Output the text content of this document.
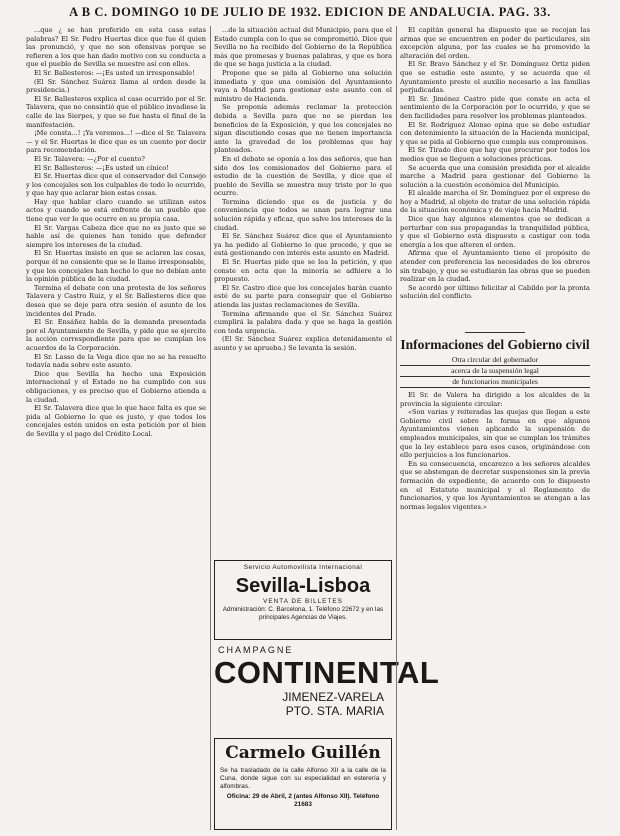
A B C. DOMINGO 10 DE JULIO DE 1932. EDICION DE ANDALUCIA. PAG. 33.

...que ¿ se han proferido en esta casa estas palabras? El Sr. Pedro Huertas dice que fue él quien las pronunció, y que no son ofensivas porque se refieren a los que han dado motivo con su conducta a que el pueblo de Sevilla se muestre así con ellos.

El Sr. Ballesteros: —¡Es usted un irresponsable!

(El Sr. Sánchez Suárez llama al orden desde la presidencia.)

El Sr. Ballesteros explica el caso ocurrido por el Sr. Talavera, que no consintió que el público invadiese la calle de las Sierpes, y que se fue hasta el final de la manifestación.

¡Me consta...! ¡Ya veremos...! —dice el Sr. Talavera— y el Sr. Huertas le dice que es un cuento por decir para recomendación.

El Sr. Talavera: —¿Por el cuento?

El Sr. Ballesteros: —¡Es usted un cínico!

El Sr. Huertas dice que el conservador del Consejo y los concejales son los culpables de todo lo ocurrido, y que hay que aclarar bien estas cosas.

Hay que hablar claro cuando se utilizan estos actos y cuando se está enfrente de un pueblo que tiene que ver lo que ocurre en su propia casa.

El Sr. Vargas Cabeza dice que no es justo que se hable así de quienes han tenido que defender siempre los intereses de la ciudad.

El Sr. Huertas insiste en que se aclaren las cosas, porque él no consiente que se le llame irresponsable, y que los concejales han hecho lo que no debían ante la opinión pública de la ciudad.

Termina el debate con una protesta de los señores Talavera y Castro Ruiz, y el Sr. Ballesteros dice que desea que se deje para otra sesión el asunto de los incidentes del Prado.

El Sr. Ensáñez habla de la demanda presentada por el Ayuntamiento de Sevilla, y pide que se ejercite la acción correspondiente para que se cumplan los acuerdos de la Corporación.

El Sr. Lasso de la Vega dice que no se ha resuelto todavía nada sobre este asunto.

Dice que Sevilla ha hecho una Exposición internacional y el Estado no ha cumplido con sus obligaciones, y es preciso que el Gobierno atienda a la ciudad.

El Sr. Talavera dice que lo que hace falta es que se pida al Gobierno lo que es justo, y que todos los concejales estén unidos en esta petición por el bien de Sevilla y el pago del Crédito Local.

...de la situación actual del Municipio, para que el Estado cumpla con lo que se comprometió. Dice que Sevilla no ha recibido del Gobierno de la República más que promesas y buenas palabras, y que es hora de que se haga justicia a la ciudad.

Propone que se pida al Gobierno una solución inmediata y que una comisión del Ayuntamiento vaya a Madrid para gestionar este asunto con el ministro de Hacienda.

Se proponía además reclamar la protección debida a Sevilla para que no se pierdan los beneficios de la Exposición, y que los concejales no sigan discutiendo cosas que no tienen importancia ante la gravedad de los problemas que hay planteados.

En el debate se oponía a los dos señores, que han sido dos los comisionados del Gobierno para el estudio de la cuestión de Sevilla, y dice que el pueblo de Sevilla se muestra muy triste por lo que ocurre.

Termina diciendo que es de justicia y de conveniencia que todos se unan para lograr una solución rápida y eficaz, que salve los intereses de la ciudad.

El Sr. Sánchez Suárez dice que el Ayuntamiento ya ha pedido al Gobierno lo que procede, y que se está gestionando con interés este asunto en Madrid.

El Sr. Huertas pide que se lea la petición, y que conste en acta que la minoría se adhiere a lo propuesto.

El Sr. Castro dice que los concejales harán cuanto esté de su parte para conseguir que el Gobierno atienda las justas reclamaciones de Sevilla.

Termina afirmando que el Sr. Sánchez Suárez cumplirá la palabra dada y que se haga la gestión con toda urgencia.

(El Sr. Sánchez Suárez explica detenidamente el asunto y se aprueba.) Se levanta la sesión.

Servicio Automovilista Internacional
Sevilla-Lisboa
VENTA DE BILLETES
Administración: C. Barcelona, 1. Teléfono 22672 y en las principales Agencias de Viajes.
CHAMPAGNE
CONTINENTAL
JIMENEZ-VARELA
PTO. STA. MARIA
Carmelo Guillén
Se ha trasladado de la calle Alfonso XII a la calle de la Cuna, donde sigue con su especialidad en esterería y alfombras.
Oficina: 29 de Abril, 2 (antes Alfonso XII). Teléfono 21683

El capitán general ha dispuesto que se recojan las armas que se encuentren en poder de particulares, sin excepción alguna, por las cuales se ha promovido la alteración del orden.

El Sr. Bravo Sánchez y el Sr. Domínguez Ortiz piden que se estudie este asunto, y se acuerda que el Ayuntamiento preste el auxilio necesario a las familias perjudicadas.

El Sr. Jiménez Castro pide que conste en acta el sentimiento de la Corporación por lo ocurrido, y que se den facilidades para resolver los problemas planteados.

El Sr. Rodríguez Alonso opina que se debe estudiar con detenimiento la situación de la Hacienda municipal, y que se pida al Gobierno que cumpla sus compromisos.

El Sr. Tirado dice que hay que procurar por todos los medios que se lleguen a soluciones prácticas.

Se acuerda que una comisión presidida por el alcalde marche a Madrid para gestionar del Gobierno la solución a la cuestión económica del Municipio.

El alcalde marcha el Sr. Domínguez por el expreso de hoy a Madrid, al objeto de tratar de una solución rápida de la situación económica y de viaje hacia Madrid.

Dice que hay algunos elementos que se dedican a perturbar con sus propagandas la tranquilidad pública, y que el Gobierno está dispuesto a castigar con toda energía a los que alteren el orden.

Afirma que el Ayuntamiento tiene el propósito de atender con preferencia las necesidades de los obreros sin trabajo, y que se estudiarán las obras que se pueden realizar en la ciudad.

Se acordó por último felicitar al Cabildo por la pronta solución del conflicto.

Informaciones del Gobierno civil
Otra circular del gobernador
acerca de la suspensión legal
de funcionarios municipales

El Sr. de Valera ha dirigido a los alcaldes de la provincia la siguiente circular:

«Son varias y reiteradas las quejas que llegan a este Gobierno civil sobre la forma en que algunos Ayuntamientos vienen aplicando la suspensión de empleados municipales, sin que se cumplan los trámites que la ley establece para esos casos, originándose con ello perjuicios a los funcionarios.

En su consecuencia, encarezco a los señores alcaldes que se abstengan de decretar suspensiones sin la previa formación de expediente, de acuerdo con lo dispuesto en el Estatuto municipal y el Reglamento de funcionarios, y que los Ayuntamientos se atengan a las normas legales vigentes.»
